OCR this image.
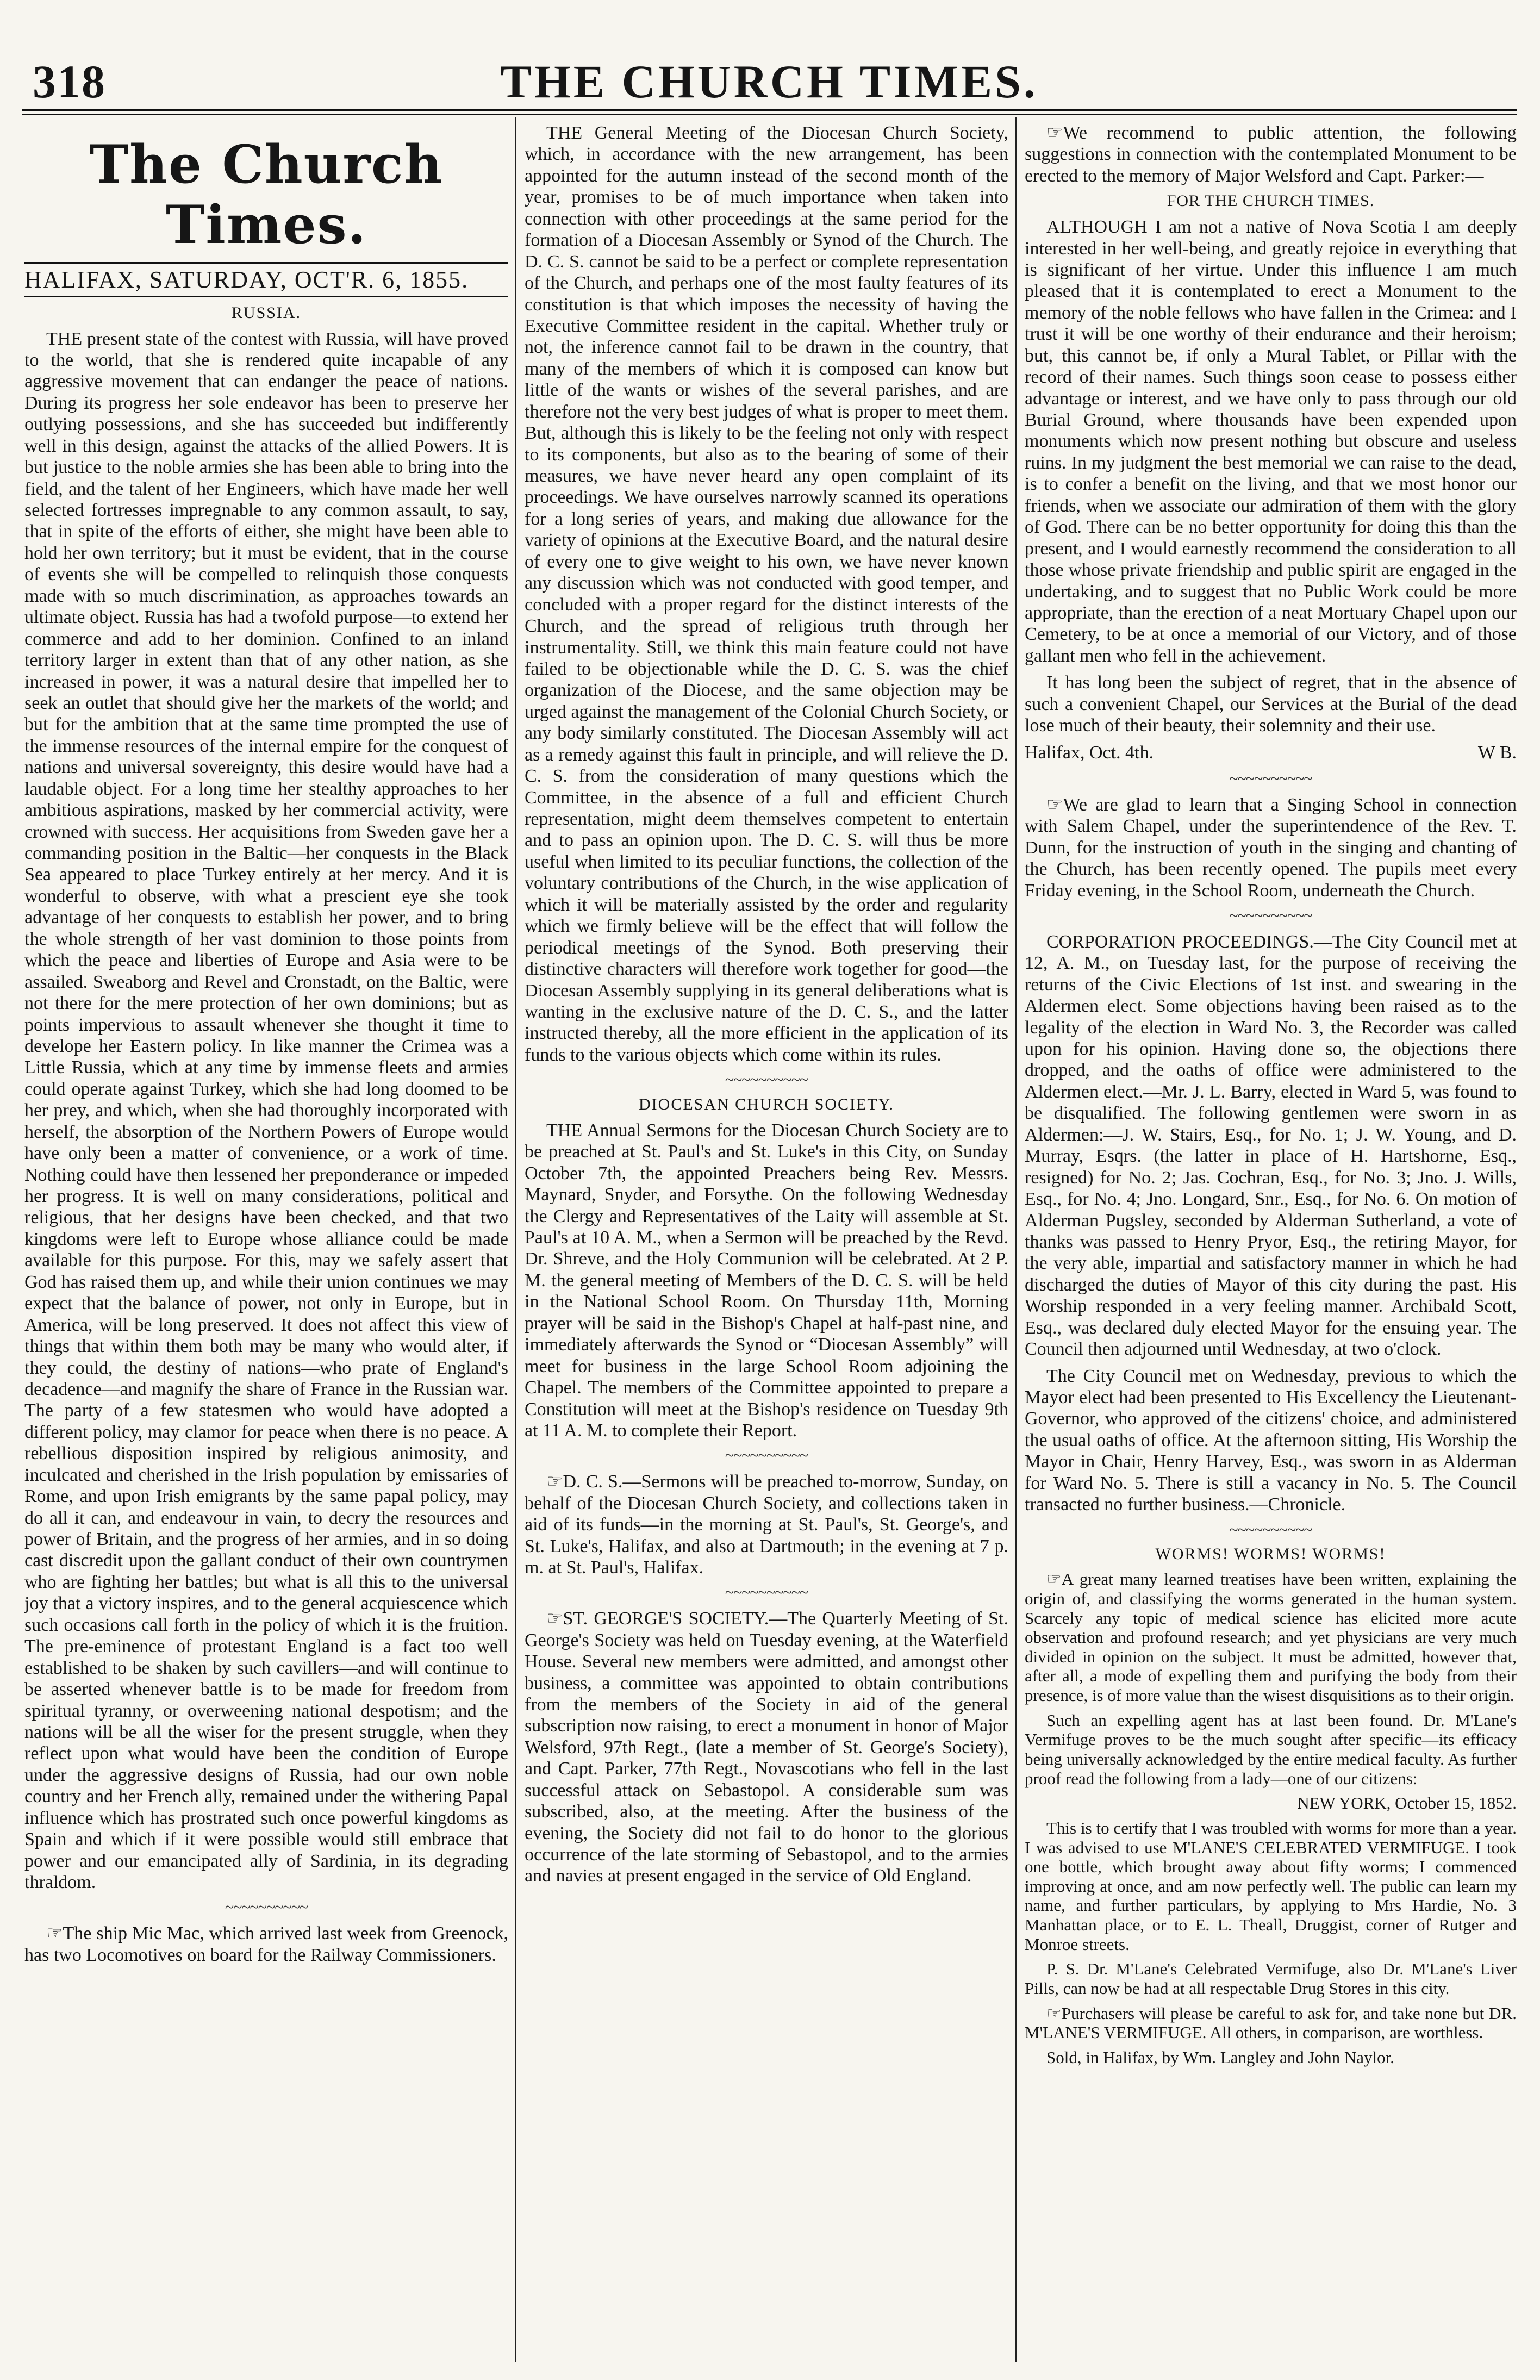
318	THE CHURCH TIMES.
The Church Times.
HALIFAX, SATURDAY, OCT'R. 6, 1855.
RUSSIA.

THE present state of the contest with Russia, will have proved to the world, that she is rendered quite incapable of any aggressive movement that can endanger the peace of nations. During its progress her sole endeavor has been to preserve her outlying possessions, and she has succeeded but indifferently well in this design, against the attacks of the allied Powers. It is but justice to the noble armies she has been able to bring into the field, and the talent of her Engineers, which have made her well selected fortresses impregnable to any common assault, to say, that in spite of the efforts of either, she might have been able to hold her own territory; but it must be evident, that in the course of events she will be compelled to relinquish those conquests made with so much discrimination, as approaches towards an ultimate object. Russia has had a twofold purpose—to extend her commerce and add to her dominion. Confined to an inland territory larger in extent than that of any other nation, as she increased in power, it was a natural desire that impelled her to seek an outlet that should give her the markets of the world; and but for the ambition that at the same time prompted the use of the immense resources of the internal empire for the conquest of nations and universal sovereignty, this desire would have had a laudable object. For a long time her stealthy approaches to her ambitious aspirations, masked by her commercial activity, were crowned with success. Her acquisitions from Sweden gave her a commanding position in the Baltic—her conquests in the Black Sea appeared to place Turkey entirely at her mercy. And it is wonderful to observe, with what a prescient eye she took advantage of her conquests to establish her power, and to bring the whole strength of her vast dominion to those points from which the peace and liberties of Europe and Asia were to be assailed. Sweaborg and Revel and Cronstadt, on the Baltic, were not there for the mere protection of her own dominions; but as points impervious to assault whenever she thought it time to develope her Eastern policy. In like manner the Crimea was a Little Russia, which at any time by immense fleets and armies could operate against Turkey, which she had long doomed to be her prey, and which, when she had thoroughly incorporated with herself, the absorption of the Northern Powers of Europe would have only been a matter of convenience, or a work of time. Nothing could have then lessened her preponderance or impeded her progress. It is well on many considerations, political and religious, that her designs have been checked, and that two kingdoms were left to Europe whose alliance could be made available for this purpose. For this, may we safely assert that God has raised them up, and while their union continues we may expect that the balance of power, not only in Europe, but in America, will be long preserved. It does not affect this view of things that within them both may be many who would alter, if they could, the destiny of nations—who prate of England's decadence—and magnify the share of France in the Russian war. The party of a few statesmen who would have adopted a different policy, may clamor for peace when there is no peace. A rebellious disposition inspired by religious animosity, and inculcated and cherished in the Irish population by emissaries of Rome, and upon Irish emigrants by the same papal policy, may do all it can, and endeavour in vain, to decry the resources and power of Britain, and the progress of her armies, and in so doing cast discredit upon the gallant conduct of their own countrymen who are fighting her battles; but what is all this to the universal joy that a victory inspires, and to the general acquiescence which such occasions call forth in the policy of which it is the fruition. The pre-eminence of protestant England is a fact too well established to be shaken by such cavillers—and will continue to be asserted whenever battle is to be made for freedom from spiritual tyranny, or overweening national despotism; and the nations will be all the wiser for the present struggle, when they reflect upon what would have been the condition of Europe under the aggressive designs of Russia, had our own noble country and her French ally, remained under the withering Papal influence which has prostrated such once powerful kingdoms as Spain and which if it were possible would still embrace that power and our emancipated ally of Sardinia, in its degrading thraldom.

~~~~~~~~~~

☞The ship Mic Mac, which arrived last week from Greenock, has two Locomotives on board for the Railway Commissioners.

THE General Meeting of the Diocesan Church Society, which, in accordance with the new arrangement, has been appointed for the autumn instead of the second month of the year, promises to be of much importance when taken into connection with other proceedings at the same period for the formation of a Diocesan Assembly or Synod of the Church. The D. C. S. cannot be said to be a perfect or complete representation of the Church, and perhaps one of the most faulty features of its constitution is that which imposes the necessity of having the Executive Committee resident in the capital. Whether truly or not, the inference cannot fail to be drawn in the country, that many of the members of which it is composed can know but little of the wants or wishes of the several parishes, and are therefore not the very best judges of what is proper to meet them. But, although this is likely to be the feeling not only with respect to its components, but also as to the bearing of some of their measures, we have never heard any open complaint of its proceedings. We have ourselves narrowly scanned its operations for a long series of years, and making due allowance for the variety of opinions at the Executive Board, and the natural desire of every one to give weight to his own, we have never known any discussion which was not conducted with good temper, and concluded with a proper regard for the distinct interests of the Church, and the spread of religious truth through her instrumentality. Still, we think this main feature could not have failed to be objectionable while the D. C. S. was the chief organization of the Diocese, and the same objection may be urged against the management of the Colonial Church Society, or any body similarly constituted. The Diocesan Assembly will act as a remedy against this fault in principle, and will relieve the D. C. S. from the consideration of many questions which the Committee, in the absence of a full and efficient Church representation, might deem themselves competent to entertain and to pass an opinion upon. The D. C. S. will thus be more useful when limited to its peculiar functions, the collection of the voluntary contributions of the Church, in the wise application of which it will be materially assisted by the order and regularity which we firmly believe will be the effect that will follow the periodical meetings of the Synod. Both preserving their distinctive characters will therefore work together for good—the Diocesan Assembly supplying in its general deliberations what is wanting in the exclusive nature of the D. C. S., and the latter instructed thereby, all the more efficient in the application of its funds to the various objects which come within its rules.

~~~~~~~~~~
DIOCESAN CHURCH SOCIETY.

THE Annual Sermons for the Diocesan Church Society are to be preached at St. Paul's and St. Luke's in this City, on Sunday October 7th, the appointed Preachers being Rev. Messrs. Maynard, Snyder, and Forsythe. On the following Wednesday the Clergy and Representatives of the Laity will assemble at St. Paul's at 10 A. M., when a Sermon will be preached by the Revd. Dr. Shreve, and the Holy Communion will be celebrated. At 2 P. M. the general meeting of Members of the D. C. S. will be held in the National School Room. On Thursday 11th, Morning prayer will be said in the Bishop's Chapel at half-past nine, and immediately afterwards the Synod or “Diocesan Assembly” will meet for business in the large School Room adjoining the Chapel. The members of the Committee appointed to prepare a Constitution will meet at the Bishop's residence on Tuesday 9th at 11 A. M. to complete their Report.

~~~~~~~~~~

☞D. C. S.—Sermons will be preached to-morrow, Sunday, on behalf of the Diocesan Church Society, and collections taken in aid of its funds—in the morning at St. Paul's, St. George's, and St. Luke's, Halifax, and also at Dartmouth; in the evening at 7 p. m. at St. Paul's, Halifax.

~~~~~~~~~~

☞ST. GEORGE'S SOCIETY.—The Quarterly Meeting of St. George's Society was held on Tuesday evening, at the Waterfield House. Several new members were admitted, and amongst other business, a committee was appointed to obtain contributions from the members of the Society in aid of the general subscription now raising, to erect a monument in honor of Major Welsford, 97th Regt., (late a member of St. George's Society), and Capt. Parker, 77th Regt., Novascotians who fell in the last successful attack on Sebastopol. A considerable sum was subscribed, also, at the meeting. After the business of the evening, the Society did not fail to do honor to the glorious occurrence of the late storming of Sebastopol, and to the armies and navies at present engaged in the service of Old England.

☞We recommend to public attention, the following suggestions in connection with the contemplated Monument to be erected to the memory of Major Welsford and Capt. Parker:—

FOR THE CHURCH TIMES.

ALTHOUGH I am not a native of Nova Scotia I am deeply interested in her well-being, and greatly rejoice in everything that is significant of her virtue. Under this influence I am much pleased that it is contemplated to erect a Monument to the memory of the noble fellows who have fallen in the Crimea: and I trust it will be one worthy of their endurance and their heroism; but, this cannot be, if only a Mural Tablet, or Pillar with the record of their names. Such things soon cease to possess either advantage or interest, and we have only to pass through our old Burial Ground, where thousands have been expended upon monuments which now present nothing but obscure and useless ruins. In my judgment the best memorial we can raise to the dead, is to confer a benefit on the living, and that we most honor our friends, when we associate our admiration of them with the glory of God. There can be no better opportunity for doing this than the present, and I would earnestly recommend the consideration to all those whose private friendship and public spirit are engaged in the undertaking, and to suggest that no Public Work could be more appropriate, than the erection of a neat Mortuary Chapel upon our Cemetery, to be at once a memorial of our Victory, and of those gallant men who fell in the achievement.

It has long been the subject of regret, that in the absence of such a convenient Chapel, our Services at the Burial of the dead lose much of their beauty, their solemnity and their use.

Halifax, Oct. 4th.	W B.
~~~~~~~~~~

☞We are glad to learn that a Singing School in connection with Salem Chapel, under the superintendence of the Rev. T. Dunn, for the instruction of youth in the singing and chanting of the Church, has been recently opened. The pupils meet every Friday evening, in the School Room, underneath the Church.

~~~~~~~~~~

CORPORATION PROCEEDINGS.—The City Council met at 12, A. M., on Tuesday last, for the purpose of receiving the returns of the Civic Elections of 1st inst. and swearing in the Aldermen elect. Some objections having been raised as to the legality of the election in Ward No. 3, the Recorder was called upon for his opinion. Having done so, the objections there dropped, and the oaths of office were administered to the Aldermen elect.—Mr. J. L. Barry, elected in Ward 5, was found to be disqualified. The following gentlemen were sworn in as Aldermen:—J. W. Stairs, Esq., for No. 1; J. W. Young, and D. Murray, Esqrs. (the latter in place of H. Hartshorne, Esq., resigned) for No. 2; Jas. Cochran, Esq., for No. 3; Jno. J. Wills, Esq., for No. 4; Jno. Longard, Snr., Esq., for No. 6. On motion of Alderman Pugsley, seconded by Alderman Sutherland, a vote of thanks was passed to Henry Pryor, Esq., the retiring Mayor, for the very able, impartial and satisfactory manner in which he had discharged the duties of Mayor of this city during the past. His Worship responded in a very feeling manner. Archibald Scott, Esq., was declared duly elected Mayor for the ensuing year. The Council then adjourned until Wednesday, at two o'clock.

The City Council met on Wednesday, previous to which the Mayor elect had been presented to His Excellency the Lieutenant-Governor, who approved of the citizens' choice, and administered the usual oaths of office. At the afternoon sitting, His Worship the Mayor in Chair, Henry Harvey, Esq., was sworn in as Alderman for Ward No. 5. There is still a vacancy in No. 5. The Council transacted no further business.—Chronicle.

~~~~~~~~~~
WORMS! WORMS! WORMS!

☞A great many learned treatises have been written, explaining the origin of, and classifying the worms generated in the human system. Scarcely any topic of medical science has elicited more acute observation and profound research; and yet physicians are very much divided in opinion on the subject. It must be admitted, however that, after all, a mode of expelling them and purifying the body from their presence, is of more value than the wisest disquisitions as to their origin.

Such an expelling agent has at last been found. Dr. M'Lane's Vermifuge proves to be the much sought after specific—its efficacy being universally acknowledged by the entire medical faculty. As further proof read the following from a lady—one of our citizens:

NEW YORK, October 15, 1852.

This is to certify that I was troubled with worms for more than a year. I was advised to use M'LANE'S CELEBRATED VERMIFUGE. I took one bottle, which brought away about fifty worms; I commenced improving at once, and am now perfectly well. The public can learn my name, and further particulars, by applying to Mrs Hardie, No. 3 Manhattan place, or to E. L. Theall, Druggist, corner of Rutger and Monroe streets.

P. S. Dr. M'Lane's Celebrated Vermifuge, also Dr. M'Lane's Liver Pills, can now be had at all respectable Drug Stores in this city.

☞Purchasers will please be careful to ask for, and take none but DR. M'LANE'S VERMIFUGE. All others, in comparison, are worthless.

Sold, in Halifax, by Wm. Langley and John Naylor.
